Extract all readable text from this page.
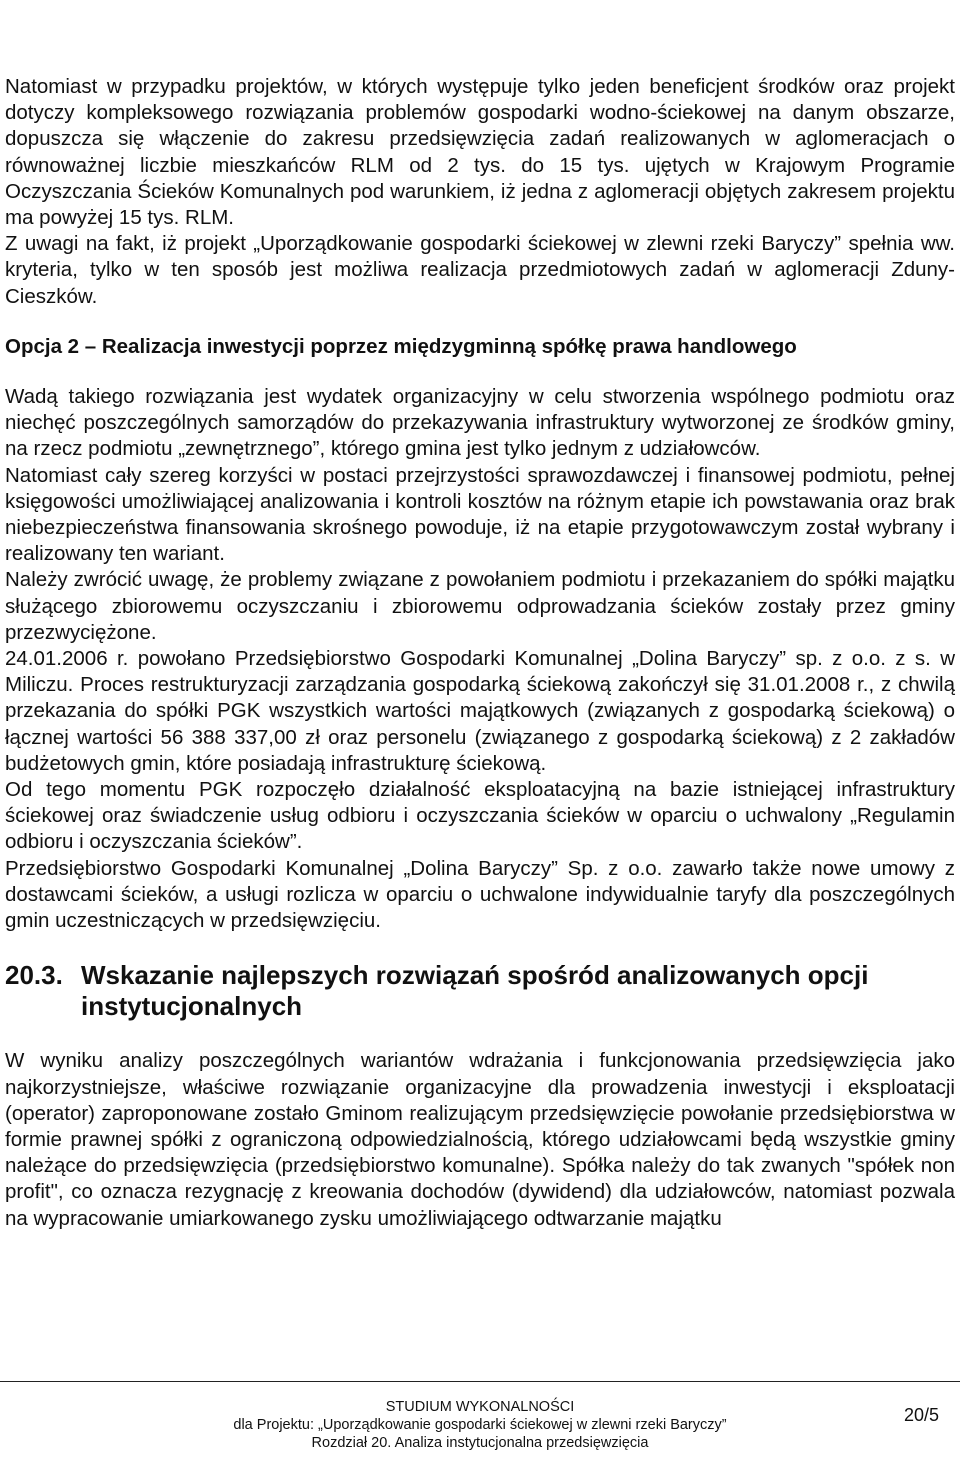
Natomiast w przypadku projektów, w których występuje tylko jeden beneficjent środków oraz projekt dotyczy kompleksowego rozwiązania problemów gospodarki wodno-ściekowej na danym obszarze, dopuszcza się włączenie do zakresu przedsięwzięcia zadań realizowanych w aglomeracjach o równoważnej liczbie mieszkańców RLM od 2 tys. do 15 tys. ujętych w Krajowym Programie Oczyszczania Ścieków Komunalnych pod warunkiem, iż jedna z aglomeracji objętych zakresem projektu ma powyżej 15 tys. RLM.

Z uwagi na fakt, iż projekt „Uporządkowanie gospodarki ściekowej w zlewni rzeki Baryczy” spełnia ww. kryteria, tylko w ten sposób jest możliwa realizacja przedmiotowych zadań w aglomeracji Zduny-Cieszków.

Opcja 2 – Realizacja inwestycji poprzez międzygminną spółkę prawa handlowego

Wadą takiego rozwiązania jest wydatek organizacyjny w celu stworzenia wspólnego podmiotu oraz niechęć poszczególnych samorządów do przekazywania infrastruktury wytworzonej ze środków gminy, na rzecz podmiotu „zewnętrznego”, którego gmina jest tylko jednym z udziałowców.

Natomiast cały szereg korzyści w postaci przejrzystości sprawozdawczej i finansowej podmiotu, pełnej księgowości umożliwiającej analizowania i kontroli kosztów na różnym etapie ich powstawania oraz brak niebezpieczeństwa finansowania skrośnego powoduje, iż na etapie przygotowawczym został wybrany i realizowany ten wariant.

Należy zwrócić uwagę, że problemy związane z powołaniem podmiotu i przekazaniem do spółki majątku służącego zbiorowemu oczyszczaniu i zbiorowemu odprowadzania ścieków zostały przez gminy przezwyciężone.

24.01.2006 r. powołano Przedsiębiorstwo Gospodarki Komunalnej „Dolina Baryczy” sp. z o.o. z s. w Miliczu. Proces restrukturyzacji zarządzania gospodarką ściekową zakończył się 31.01.2008 r., z chwilą przekazania do spółki PGK wszystkich wartości majątkowych (związanych z gospodarką ściekową) o łącznej wartości 56 388 337,00 zł oraz personelu (związanego z gospodarką ściekową) z 2 zakładów budżetowych gmin, które posiadają infrastrukturę ściekową.

Od tego momentu PGK rozpoczęło działalność eksploatacyjną na bazie istniejącej infrastruktury ściekowej oraz świadczenie usług odbioru i oczyszczania ścieków w oparciu o uchwalony „Regulamin odbioru i oczyszczania ścieków”.

Przedsiębiorstwo Gospodarki Komunalnej „Dolina Baryczy” Sp. z o.o. zawarło także nowe umowy z dostawcami ścieków, a usługi rozlicza w oparciu o uchwalone indywidualnie taryfy dla poszczególnych gmin uczestniczących w przedsięwzięciu.

20.3. Wskazanie najlepszych rozwiązań spośród analizowanych opcji instytucjonalnych

W wyniku analizy poszczególnych wariantów wdrażania i funkcjonowania przedsięwzięcia jako najkorzystniejsze, właściwe rozwiązanie organizacyjne dla prowadzenia inwestycji i eksploatacji (operator) zaproponowane zostało Gminom realizującym przedsięwzięcie powołanie przedsiębiorstwa w formie prawnej spółki z ograniczoną odpowiedzialnością, którego udziałowcami będą wszystkie gminy należące do przedsięwzięcia (przedsiębiorstwo komunalne). Spółka należy do tak zwanych "spółek non profit", co oznacza rezygnację z kreowania dochodów (dywidend) dla udziałowców, natomiast pozwala na wypracowanie umiarkowanego zysku umożliwiającego odtwarzanie majątku

STUDIUM WYKONALNOŚCI
dla Projektu: „Uporządkowanie gospodarki ściekowej w zlewni rzeki Baryczy”
Rozdział 20. Analiza instytucjonalna przedsięwzięcia
20/5
